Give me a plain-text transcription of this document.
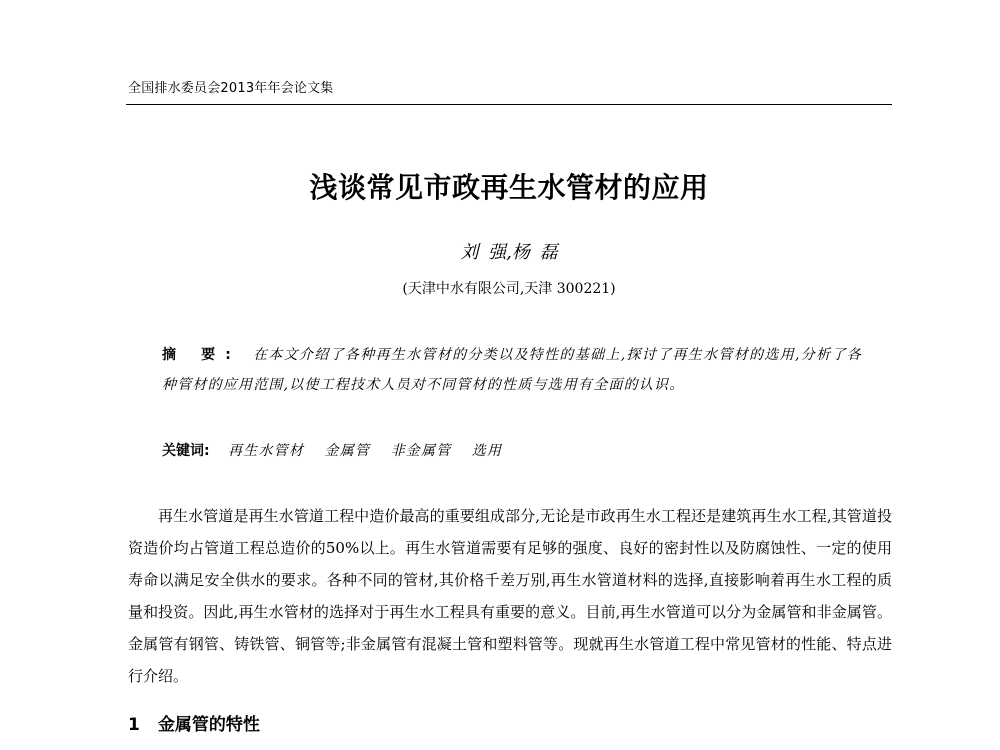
全国排水委员会2013年年会论文集
浅谈常见市政再生水管材的应用
刘 强,杨 磊
(天津中水有限公司,天津 300221)
摘 要: 在本文介绍了各种再生水管材的分类以及特性的基础上,探讨了再生水管材的选用,分析了各种管材的应用范围,以使工程技术人员对不同管材的性质与选用有全面的认识。
关键词: 再生水管材 金属管 非金属管 选用

再生水管道是再生水管道工程中造价最高的重要组成部分,无论是市政再生水工程还是建筑再生水工程,其管道投资造价均占管道工程总造价的50%以上。再生水管道需要有足够的强度、良好的密封性以及防腐蚀性、一定的使用寿命以满足安全供水的要求。各种不同的管材,其价格千差万别,再生水管道材料的选择,直接影响着再生水工程的质量和投资。因此,再生水管材的选择对于再生水工程具有重要的意义。目前,再生水管道可以分为金属管和非金属管。金属管有钢管、铸铁管、铜管等;非金属管有混凝土管和塑料管等。现就再生水管道工程中常见管材的性能、特点进行介绍。

1 金属管的特性
